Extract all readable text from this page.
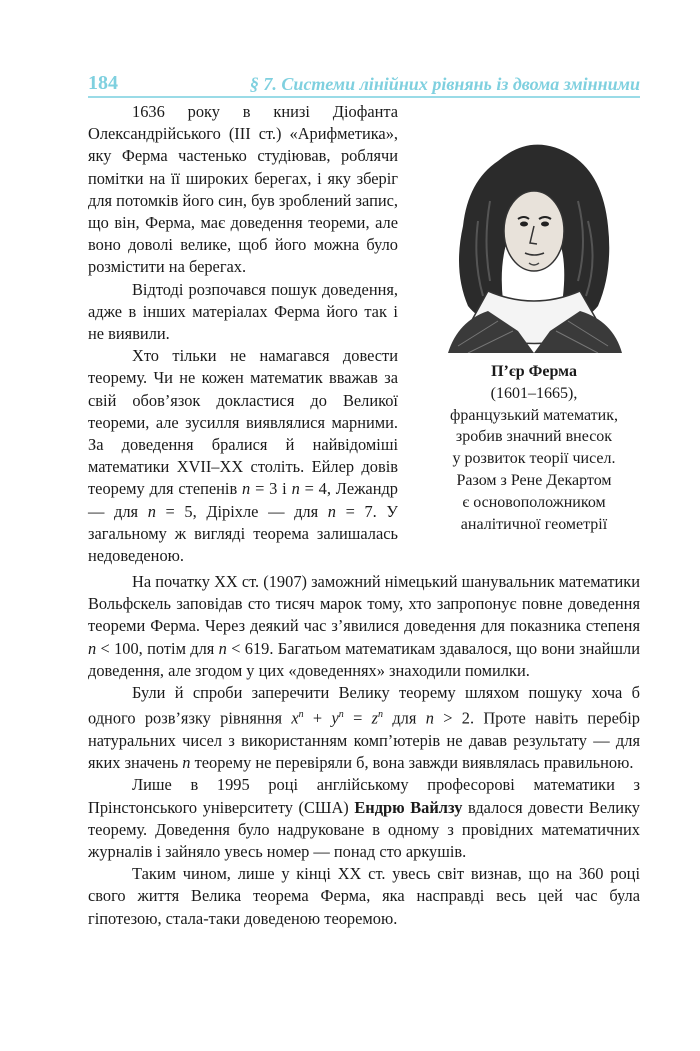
184	§ 7. Системи лінійних рівнянь із двома змінними

1636 року в книзі Діофанта Олександрійського (ІІІ ст.) «Арифметика», яку Ферма частенько студіював, роблячи помітки на її широких берегах, і яку зберіг для потомків його син, був зроблений запис, що він, Ферма, має доведення теореми, але воно доволі велике, щоб його можна було розмістити на берегах.

Відтоді розпочався пошук доведення, адже в інших матеріалах Ферма його так і не виявили.

Хто тільки не намагався довести теорему. Чи не кожен математик вважав за свій обов’язок докластися до Великої теореми, але зусилля виявлялися марними. За доведення бралися й найвідоміші математики XVII–XX століть. Ейлер довів теорему для степенів n = 3 і n = 4, Лежандр — для n = 5, Діріхле — для n = 7. У загальному ж вигляді теорема залишалась недоведеною.

П’єр Ферма
(1601–1665),
французький математик,
зробив значний внесок
у розвиток теорії чисел.
Разом з Рене Декартом
є основоположником
аналітичної геометрії

На початку XX ст. (1907) заможний німецький шанувальник математики Вольфскель заповідав сто тисяч марок тому, хто запропонує повне доведення теореми Ферма. Через деякий час з’явилися доведення для показника степеня n < 100, потім для n < 619. Багатьом математикам здавалося, що вони знайшли доведення, але згодом у цих «доведеннях» знаходили помилки.

Були й спроби заперечити Велику теорему шляхом пошуку хоча б одного розв’язку рівняння $x^n + y^n = z^n$ для n > 2. Проте навіть перебір натуральних чисел з використанням комп’ютерів не давав результату — для яких значень n теорему не перевіряли б, вона завжди виявлялась правильною.

Лише в 1995 році англійському професорові математики з Прінстонського університету (США) Ендрю Вайлзу вдалося довести Велику теорему. Доведення було надруковане в одному з провідних математичних журналів і зайняло увесь номер — понад сто аркушів.

Таким чином, лише у кінці XX ст. увесь світ визнав, що на 360 році свого життя Велика теорема Ферма, яка насправді весь цей час була гіпотезою, стала-таки доведеною теоремою.
